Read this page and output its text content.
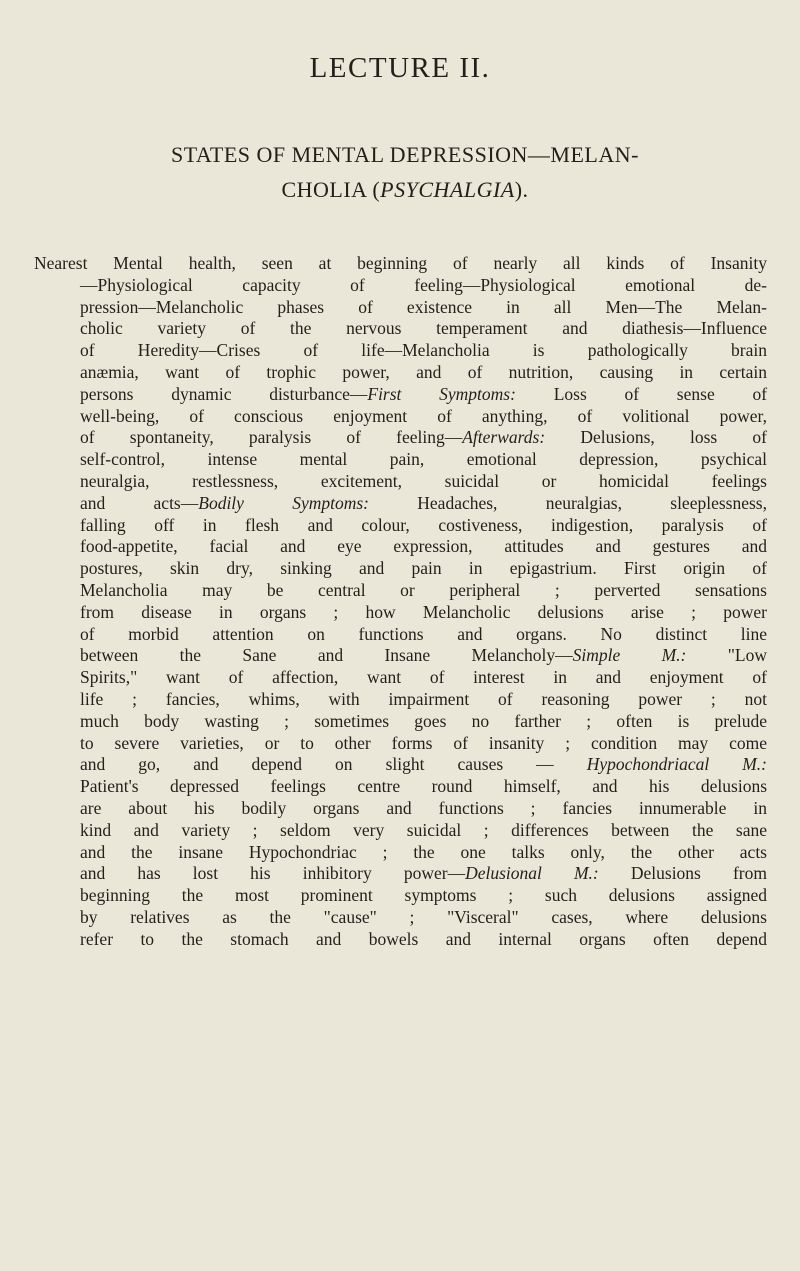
LECTURE II.
STATES OF MENTAL DEPRESSION—MELAN-
CHOLIA (PSYCHALGIA).
Nearest Mental health, seen at beginning of nearly all kinds of Insanity
—Physiological capacity of feeling—Physiological emotional de-
pression—Melancholic phases of existence in all Men—The Melan-
cholic variety of the nervous temperament and diathesis—Influence
of Heredity—Crises of life—Melancholia is pathologically brain
anæmia, want of trophic power, and of nutrition, causing in certain
persons dynamic disturbance—First Symptoms: Loss of sense of
well-being, of conscious enjoyment of anything, of volitional power,
of spontaneity, paralysis of feeling—Afterwards: Delusions, loss of
self-control, intense mental pain, emotional depression, psychical
neuralgia, restlessness, excitement, suicidal or homicidal feelings
and acts—Bodily Symptoms: Headaches, neuralgias, sleeplessness,
falling off in flesh and colour, costiveness, indigestion, paralysis of
food-appetite, facial and eye expression, attitudes and gestures and
postures, skin dry, sinking and pain in epigastrium. First origin of
Melancholia may be central or peripheral ; perverted sensations
from disease in organs ; how Melancholic delusions arise ; power
of morbid attention on functions and organs. No distinct line
between the Sane and Insane Melancholy—Simple M.: "Low
Spirits," want of affection, want of interest in and enjoyment of
life ; fancies, whims, with impairment of reasoning power ; not
much body wasting ; sometimes goes no farther ; often is prelude
to severe varieties, or to other forms of insanity ; condition may come
and go, and depend on slight causes — Hypochondriacal M.:
Patient's depressed feelings centre round himself, and his delusions
are about his bodily organs and functions ; fancies innumerable in
kind and variety ; seldom very suicidal ; differences between the sane
and the insane Hypochondriac ; the one talks only, the other acts
and has lost his inhibitory power—Delusional M.: Delusions from
beginning the most prominent symptoms ; such delusions assigned
by relatives as the "cause" ; "Visceral" cases, where delusions
refer to the stomach and bowels and internal organs often depend
